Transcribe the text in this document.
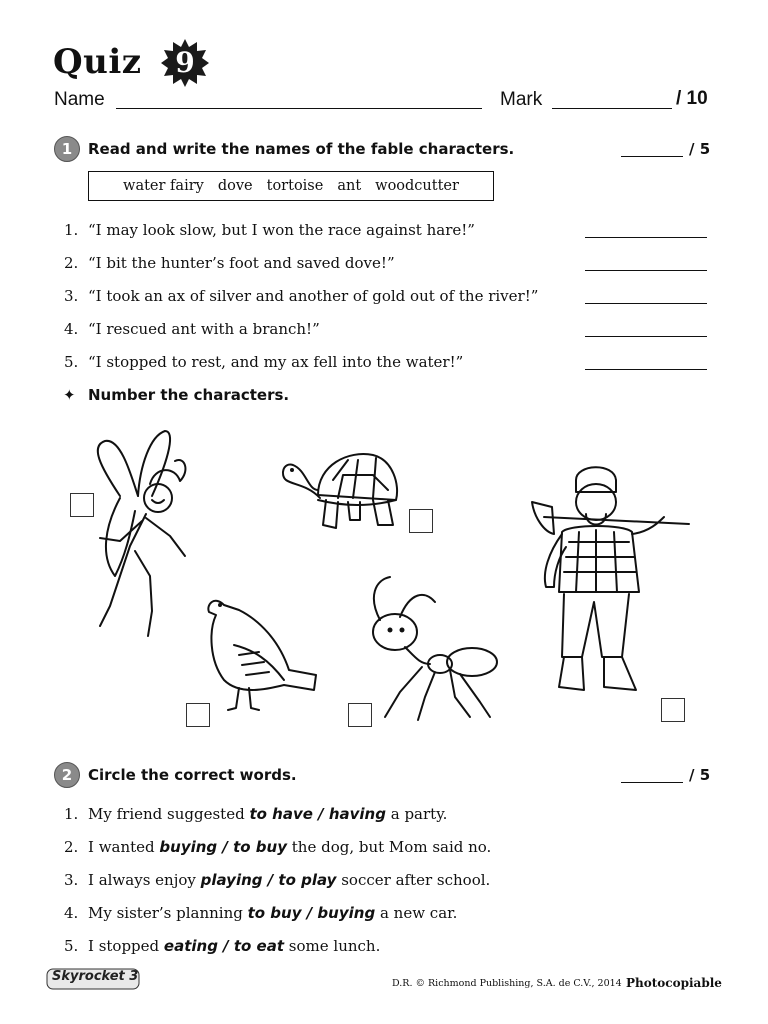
Quiz	9
Name	Mark	/ 10
1	Read and write the names of the fable characters.	/ 5
water fairy dove tortoise ant woodcutter
1. “I may look slow, but I won the race against hare!”
2. “I bit the hunter’s foot and saved dove!”
3. “I took an ax of silver and another of gold out of the river!”
4. “I rescued ant with a branch!”
5. “I stopped to rest, and my ax fell into the water!”
✦ Number the characters.
2	Circle the correct words.	/ 5
1. My friend suggested to have / having a party.
2. I wanted buying / to buy the dog, but Mom said no.
3. I always enjoy playing / to play soccer after school.
4. My sister’s planning to buy / buying a new car.
5. I stopped eating / to eat some lunch.
Skyrocket 3	D.R. © Richmond Publishing, S.A. de C.V., 2014 Photocopiable
